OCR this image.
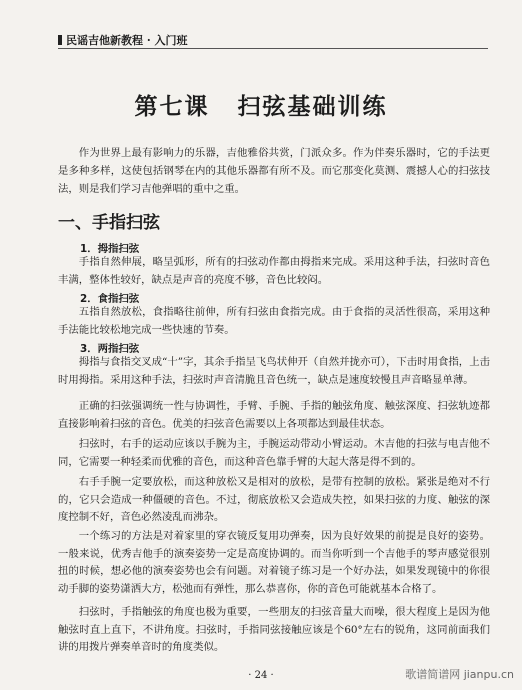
民谣吉他新教程 · 入门班
第七课 扫弦基础训练
作为世界上最有影响力的乐器，吉他雅俗共赏，门派众多。作为伴奏乐器时，它的手法更是多种多样，这使包括钢琴在内的其他乐器都有所不及。而它那变化莫测、震撼人心的扫弦技法，则是我们学习吉他弹唱的重中之重。
一、手指扫弦
1．拇指扫弦
手指自然伸展，略呈弧形，所有的扫弦动作都由拇指来完成。采用这种手法，扫弦时音色丰满，整体性较好，缺点是声音的亮度不够，音色比较闷。
2．食指扫弦
五指自然放松，食指略往前伸，所有扫弦由食指完成。由于食指的灵活性很高，采用这种手法能比较松地完成一些快速的节奏。
3．两指扫弦
拇指与食指交叉成“十”字，其余手指呈飞鸟状伸开（自然并拢亦可），下击时用食指，上击时用拇指。采用这种手法，扫弦时声音清脆且音色统一，缺点是速度较慢且声音略显单薄。
正确的扫弦强调统一性与协调性，手臂、手腕、手指的触弦角度、触弦深度、扫弦轨迹都直接影响着扫弦的音色。优美的扫弦音色需要以上各项都达到最佳状态。
扫弦时，右手的运动应该以手腕为主，手腕运动带动小臂运动。木吉他的扫弦与电吉他不同，它需要一种轻柔而优雅的音色，而这种音色靠手臂的大起大落是得不到的。
右手手腕一定要放松，而这种放松又是相对的放松，是带有控制的放松。紧张是绝对不行的，它只会造成一种僵硬的音色。不过，彻底放松又会造成失控，如果扫弦的力度、触弦的深度控制不好，音色必然凌乱而沸杂。
一个练习的方法是对着家里的穿衣镜反复用功弹奏，因为良好效果的前提是良好的姿势。一般来说，优秀吉他手的演奏姿势一定是高度协调的。而当你听到一个吉他手的琴声感觉很别扭的时候，想必他的演奏姿势也会有问题。对着镜子练习是一个好办法，如果发现镜中的你很动手脚的姿势潇洒大方，松弛而有弹性，那么恭喜你，你的音色可能就基本合格了。
扫弦时，手指触弦的角度也极为重要，一些朋友的扫弦音量大而噪，很大程度上是因为他触弦时直上直下，不讲角度。扫弦时，手指同弦接触应该是个60°左右的锐角，这同前面我们讲的用拨片弹奏单音时的角度类似。
· 24 ·	歌谱简谱网 jianpu.cn
